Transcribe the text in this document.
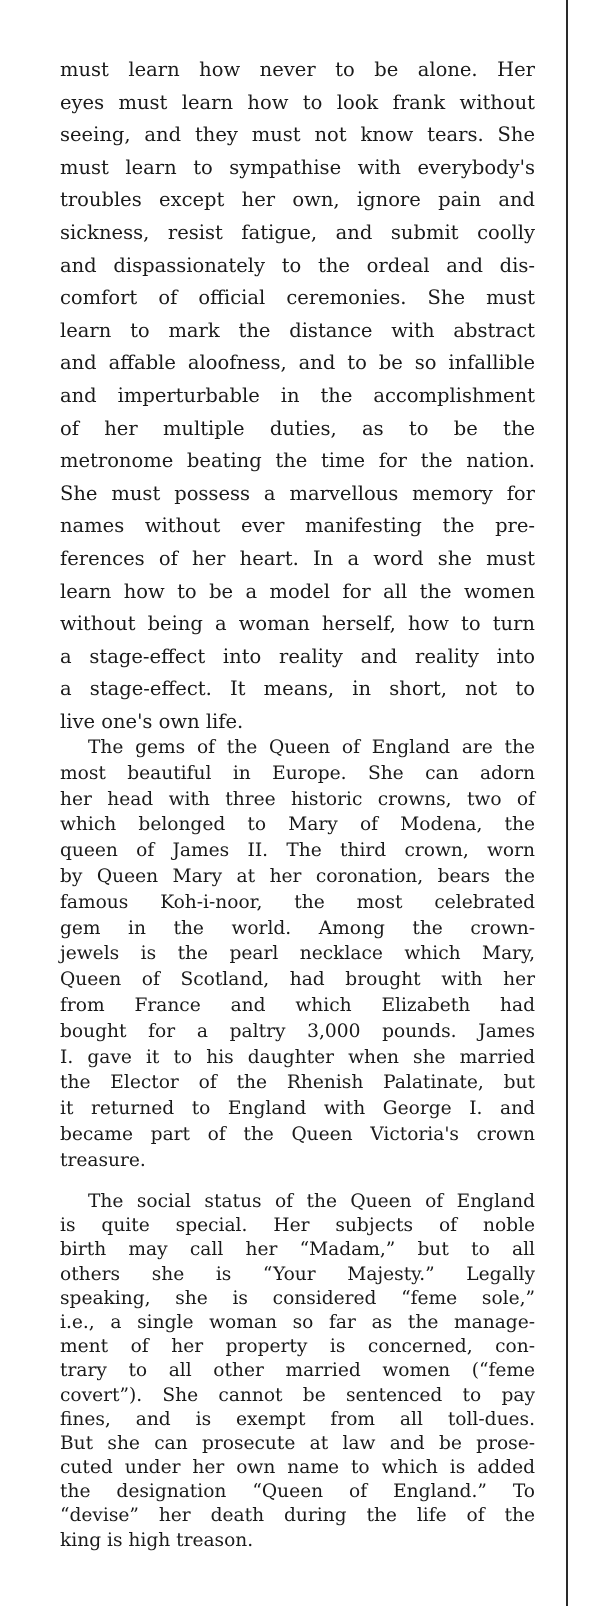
must learn how never to be alone. Her
eyes must learn how to look frank without
seeing, and they must not know tears. She
must learn to sympathise with everybody's
troubles except her own, ignore pain and
sickness, resist fatigue, and submit coolly
and dispassionately to the ordeal and dis-
comfort of official ceremonies. She must
learn to mark the distance with abstract
and affable aloofness, and to be so infallible
and imperturbable in the accomplishment
of her multiple duties, as to be the
metronome beating the time for the nation.
She must possess a marvellous memory for
names without ever manifesting the pre-
ferences of her heart. In a word she must
learn how to be a model for all the women
without being a woman herself, how to turn
a stage-effect into reality and reality into
a stage-effect. It means, in short, not to
live one's own life.
The gems of the Queen of England are the
most beautiful in Europe. She can adorn
her head with three historic crowns, two of
which belonged to Mary of Modena, the
queen of James II. The third crown, worn
by Queen Mary at her coronation, bears the
famous Koh-i-noor, the most celebrated
gem in the world. Among the crown-
jewels is the pearl necklace which Mary,
Queen of Scotland, had brought with her
from France and which Elizabeth had
bought for a paltry 3,000 pounds. James
I. gave it to his daughter when she married
the Elector of the Rhenish Palatinate, but
it returned to England with George I. and
became part of the Queen Victoria's crown
treasure.
The social status of the Queen of England
is quite special. Her subjects of noble
birth may call her “Madam,” but to all
others she is “Your Majesty.” Legally
speaking, she is considered “feme sole,”
i.e., a single woman so far as the manage-
ment of her property is concerned, con-
trary to all other married women (“feme
covert”). She cannot be sentenced to pay
fines, and is exempt from all toll-dues.
But she can prosecute at law and be prose-
cuted under her own name to which is added
the designation “Queen of England.” To
“devise” her death during the life of the
king is high treason.
